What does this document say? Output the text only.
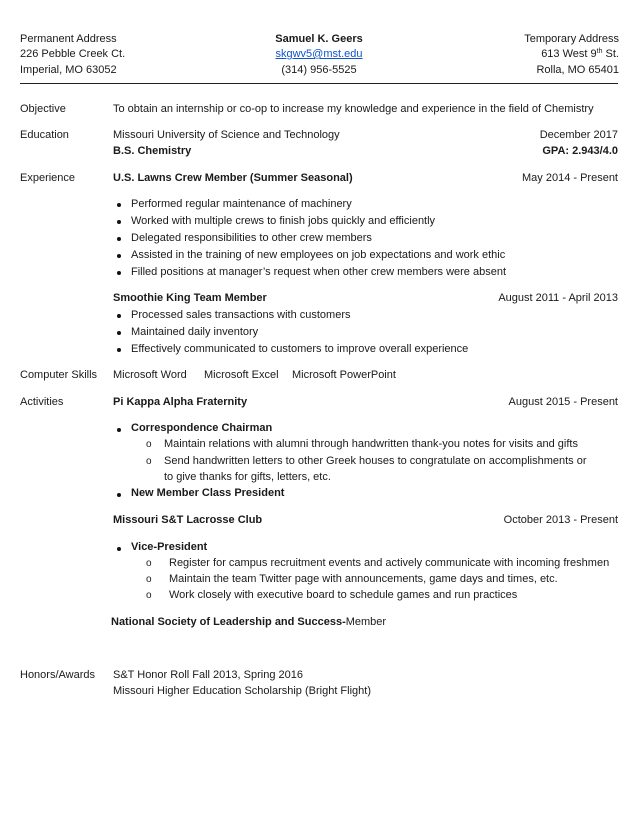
Permanent Address
226 Pebble Creek Ct.
Imperial, MO 63052
Samuel K. Geers
skgwv5@mst.edu
(314) 956-5525
Temporary Address
613 West 9th St.
Rolla, MO 65401
Objective	To obtain an internship or co-op to increase my knowledge and experience in the field of Chemistry
Education	Missouri University of Science and Technology	December 2017
B.S. Chemistry	GPA: 2.943/4.0
Experience	U.S. Lawns Crew Member (Summer Seasonal)	May 2014 - Present
Performed regular maintenance of machinery
Worked with multiple crews to finish jobs quickly and efficiently
Delegated responsibilities to other crew members
Assisted in the training of new employees on job expectations and work ethic
Filled positions at manager’s request when other crew members were absent
Smoothie King Team Member	August 2011 - April 2013
Processed sales transactions with customers
Maintained daily inventory
Effectively communicated to customers to improve overall experience
Computer Skills Microsoft Word Microsoft Excel Microsoft PowerPoint
Activities	Pi Kappa Alpha Fraternity	August 2015 - Present
Correspondence Chairman
o Maintain relations with alumni through handwritten thank-you notes for visits and gifts
o Send handwritten letters to other Greek houses to congratulate on accomplishments or
to give thanks for gifts, letters, etc.
New Member Class President
Missouri S&T Lacrosse Club	October 2013 - Present
Vice-President
o Register for campus recruitment events and actively communicate with incoming freshmen
o Maintain the team Twitter page with announcements, game days and times, etc.
o Work closely with executive board to schedule games and run practices
National Society of Leadership and Success-Member
Honors/Awards S&T Honor Roll Fall 2013, Spring 2016
Missouri Higher Education Scholarship (Bright Flight)
